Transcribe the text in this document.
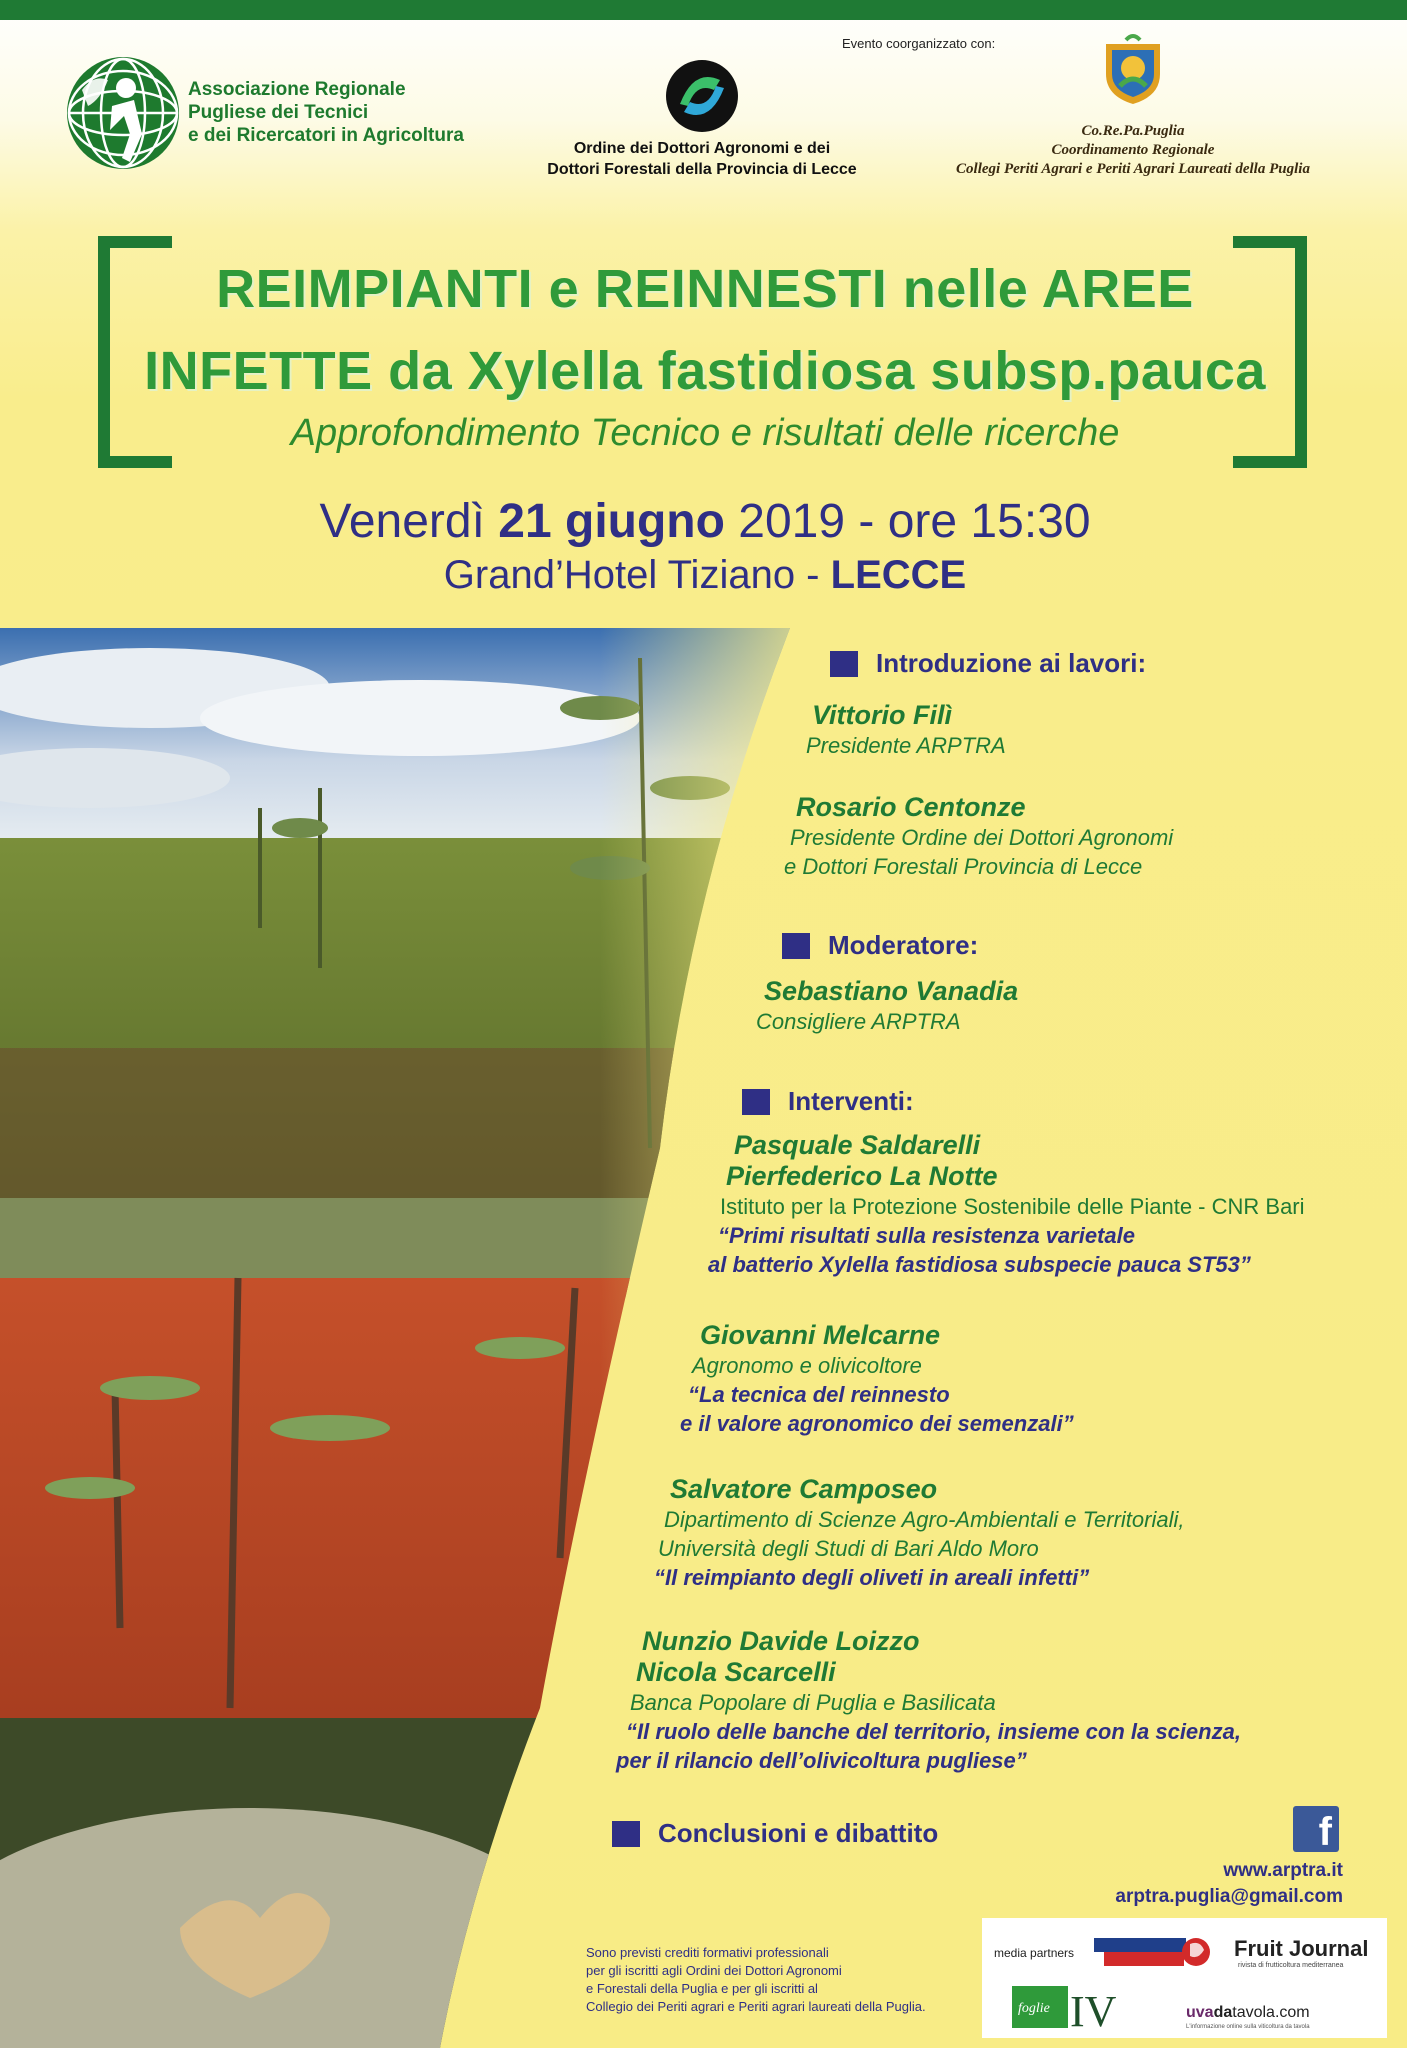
Associazione Regionale
Pugliese dei Tecnici
e dei Ricercatori in Agricoltura
Evento coorganizzato con:
Ordine dei Dottori Agronomi e dei
Dottori Forestali della Provincia di Lecce
Co.Re.Pa.Puglia
Coordinamento Regionale
Collegi Periti Agrari e Periti Agrari Laureati della Puglia
REIMPIANTI e REINNESTI nelle AREE
INFETTE da Xylella fastidiosa subsp.pauca
Approfondimento Tecnico e risultati delle ricerche
Venerdì 21 giugno 2019 - ore 15:30
Grand’Hotel Tiziano - LECCE
Introduzione ai lavori:
Vittorio Filì
Presidente ARPTRA
Rosario Centonze
Presidente Ordine dei Dottori Agronomi
e Dottori Forestali Provincia di Lecce
Moderatore:
Sebastiano Vanadia
Consigliere ARPTRA
Interventi:
Pasquale Saldarelli
Pierfederico La Notte
Istituto per la Protezione Sostenibile delle Piante - CNR Bari
“Primi risultati sulla resistenza varietale
al batterio Xylella fastidiosa subspecie pauca ST53”
Giovanni Melcarne
Agronomo e olivicoltore
“La tecnica del reinnesto
e il valore agronomico dei semenzali”
Salvatore Camposeo
Dipartimento di Scienze Agro-Ambientali e Territoriali,
Università degli Studi di Bari Aldo Moro
“Il reimpianto degli oliveti in areali infetti”
Nunzio Davide Loizzo
Nicola Scarcelli
Banca Popolare di Puglia e Basilicata
“Il ruolo delle banche del territorio, insieme con la scienza,
per il rilancio dell’olivicoltura pugliese”
Conclusioni e dibattito	f
www.arptra.it
arptra.puglia@gmail.com
Sono previsti crediti formativi professionali
per gli iscritti agli Ordini dei Dottori Agronomi
e Forestali della Puglia e per gli iscritti al
Collegio dei Periti agrari e Periti agrari laureati della Puglia.
media partners	Fruit Journal
rivista di frutticoltura mediterranea
foglie IV	uvadatavola.com
L'informazione online sulla viticoltura da tavola
